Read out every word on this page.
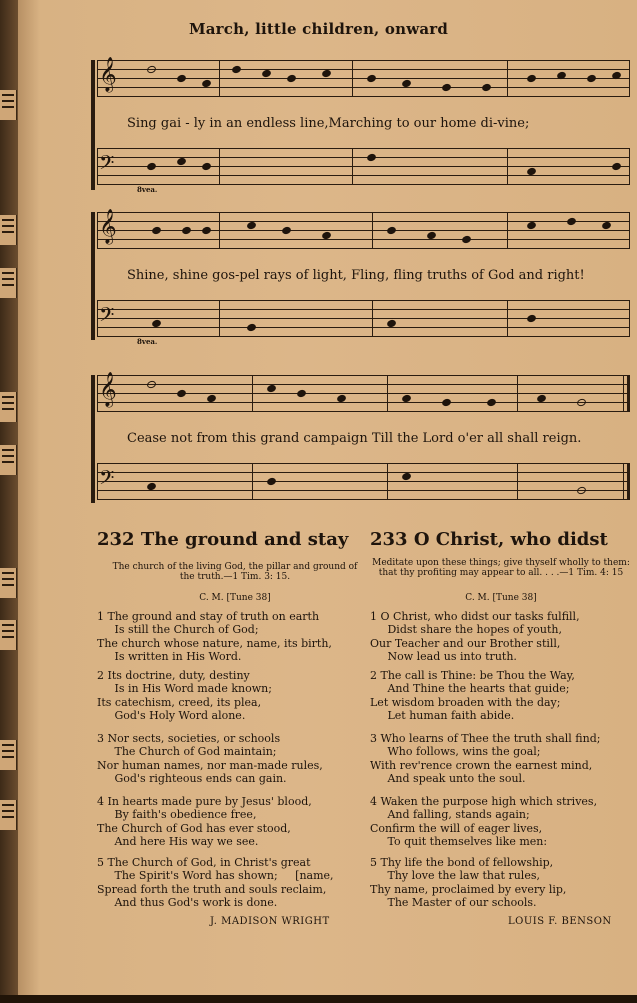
March, little children, onward
𝄞
Sing gai - ly in an endless line,Marching to our home di-vine;
𝄢
8vea.
𝄞
Shine, shine gos-pel rays of light, Fling, fling truths of God and right!
𝄢
8vea.
𝄞
Cease not from this grand campaign Till the Lord o'er all shall reign.
𝄢
232 The ground and stay
The church of the living God, the pillar and ground of the truth.—1 Tim. 3: 15.
C. M. [Tune 38]
1 The ground and stay of truth on earth
Is still the Church of God;
The church whose nature, name, its birth,
Is written in His Word.
2 Its doctrine, duty, destiny
Is in His Word made known;
Its catechism, creed, its plea,
God's Holy Word alone.
3 Nor sects, societies, or schools
The Church of God maintain;
Nor human names, nor man-made rules,
God's righteous ends can gain.
4 In hearts made pure by Jesus' blood,
By faith's obedience free,
The Church of God has ever stood,
And here His way we see.
5 The Church of God, in Christ's great
The Spirit's Word has shown;     [name,
Spread forth the truth and souls reclaim,
And thus God's work is done.
J. MADISON WRIGHT
233 O Christ, who didst
Meditate upon these things; give thyself wholly to them: that thy profiting may appear to all. . . .—1 Tim. 4: 15
C. M. [Tune 38]
1 O Christ, who didst our tasks fulfill,
Didst share the hopes of youth,
Our Teacher and our Brother still,
Now lead us into truth.
2 The call is Thine: be Thou the Way,
And Thine the hearts that guide;
Let wisdom broaden with the day;
Let human faith abide.
3 Who learns of Thee the truth shall find;
Who follows, wins the goal;
With rev'rence crown the earnest mind,
And speak unto the soul.
4 Waken the purpose high which strives,
And falling, stands again;
Confirm the will of eager lives,
To quit themselves like men:
5 Thy life the bond of fellowship,
Thy love the law that rules,
Thy name, proclaimed by every lip,
The Master of our schools.
LOUIS F. BENSON
